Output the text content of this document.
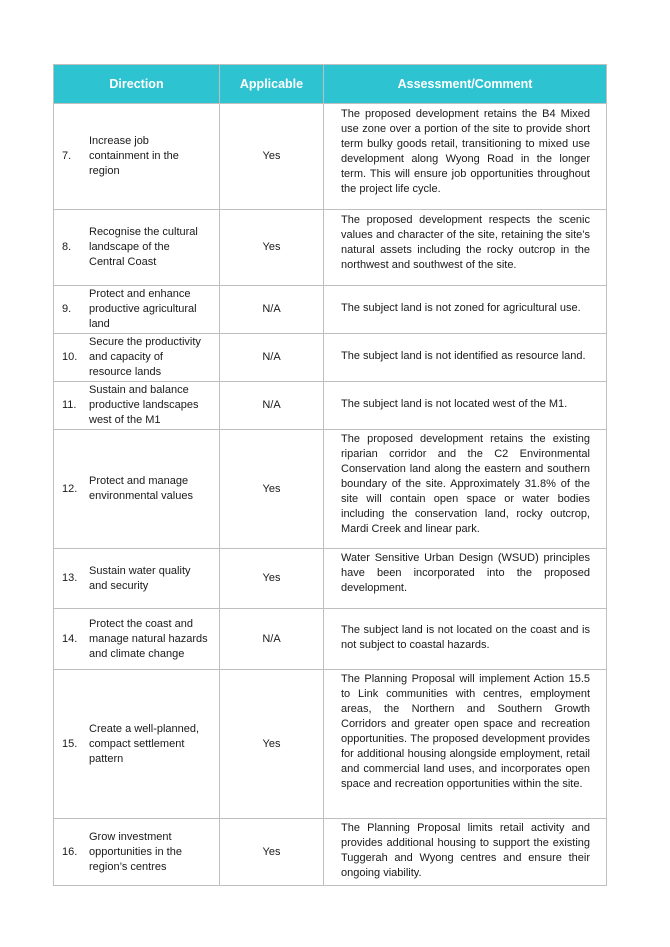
Direction	Applicable	Assessment/Comment

7.
Increase job containment in the region	Yes	The proposed development retains the B4 Mixed use zone over a portion of the site to provide short term bulky goods retail, transitioning to mixed use development along Wyong Road in the longer term. This will ensure job opportunities throughout the project life cycle.

8.
Recognise the cultural landscape of the Central Coast	Yes	The proposed development respects the scenic values and character of the site, retaining the site’s natural assets including the rocky outcrop in the northwest and southwest of the site.

9.
Protect and enhance productive agricultural land	N/A	The subject land is not zoned for agricultural use.

10.
Secure the productivity and capacity of resource lands	N/A	The subject land is not identified as resource land.

11.
Sustain and balance productive landscapes west of the M1	N/A	The subject land is not located west of the M1.

12.
Protect and manage environmental values	Yes	The proposed development retains the existing riparian corridor and the C2 Environmental Conservation land along the eastern and southern boundary of the site. Approximately 31.8% of the site will contain open space or water bodies including the conservation land, rocky outcrop, Mardi Creek and linear park.

13.
Sustain water quality and security	Yes	Water Sensitive Urban Design (WSUD) principles have been incorporated into the proposed development.

14.
Protect the coast and manage natural hazards and climate change	N/A	The subject land is not located on the coast and is not subject to coastal hazards.

15.
Create a well-planned, compact settlement pattern	Yes	The Planning Proposal will implement Action 15.5 to Link communities with centres, employment areas, the Northern and Southern Growth Corridors and greater open space and recreation opportunities. The proposed development provides for additional housing alongside employment, retail and commercial land uses, and incorporates open space and recreation opportunities within the site.

16.
Grow investment opportunities in the region’s centres	Yes	The Planning Proposal limits retail activity and provides additional housing to support the existing Tuggerah and Wyong centres and ensure their ongoing viability.
